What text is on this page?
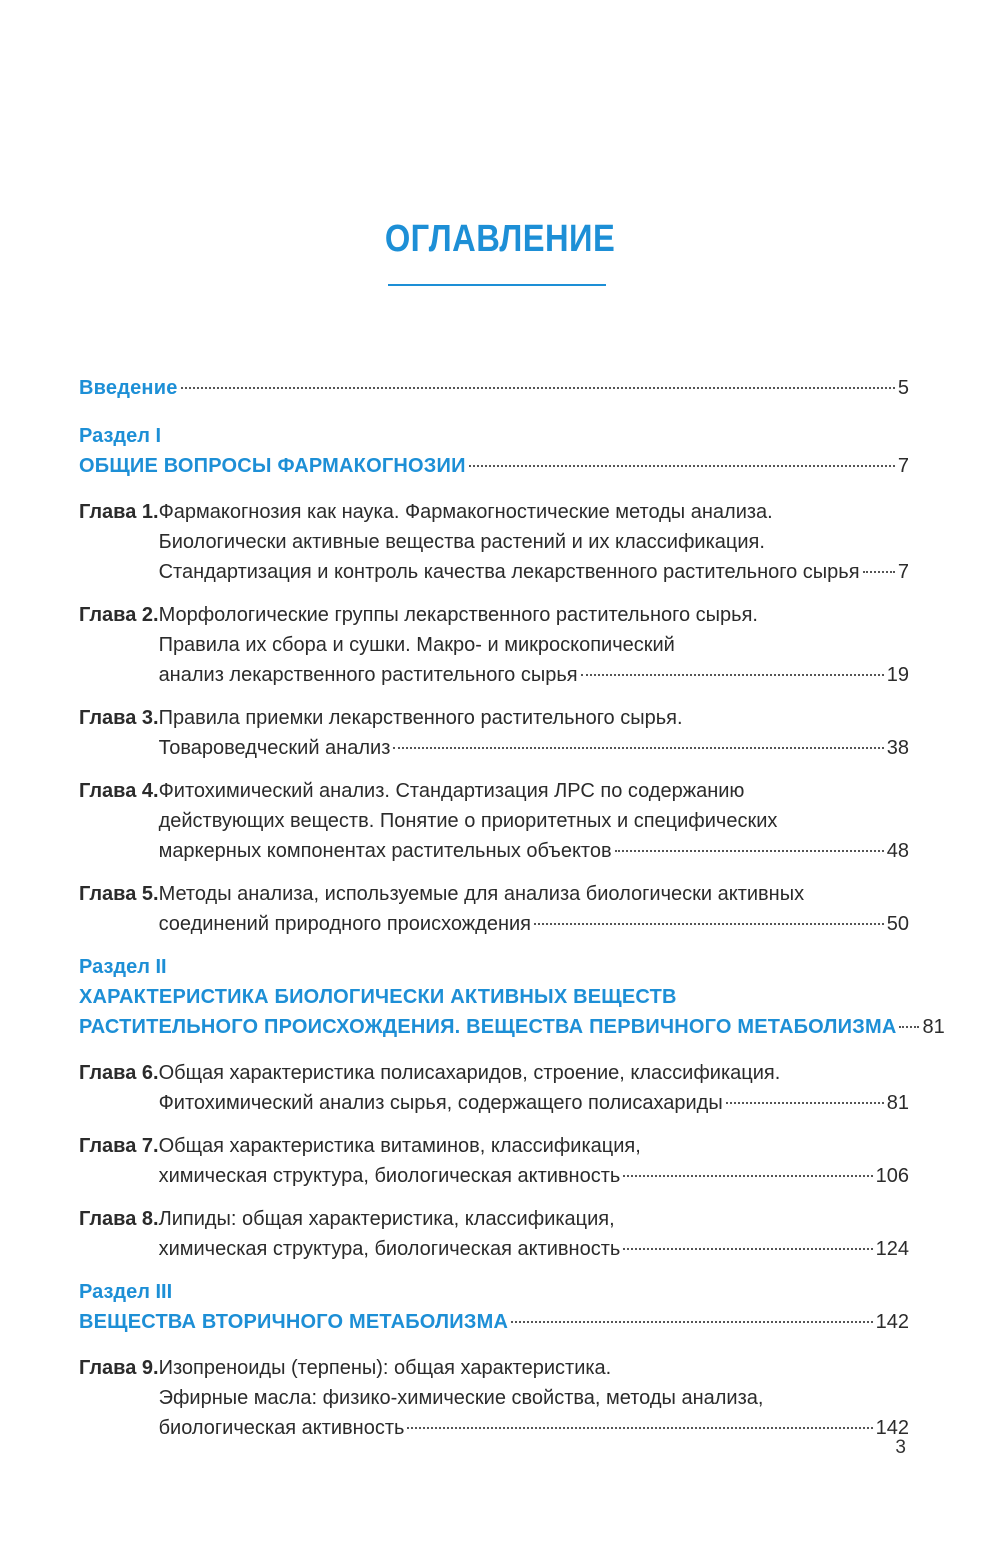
ОГЛАВЛЕНИЕ
Введение	5
Раздел I
ОБЩИЕ ВОПРОСЫ ФАРМАКОГНОЗИИ	7
Глава 1. Фармакогнозия как наука. Фармакогностические методы анализа.
Биологически активные вещества растений и их классификация.
Стандартизация и контроль качества лекарственного растительного сырья 7
Глава 2. Морфологические группы лекарственного растительного сырья.
Правила их сбора и сушки. Макро- и микроскопический
анализ лекарственного растительного сырья	19
Глава 3. Правила приемки лекарственного растительного сырья.
Товароведческий анализ	38
Глава 4. Фитохимический анализ. Стандартизация ЛРС по содержанию
действующих веществ. Понятие о приоритетных и специфических
маркерных компонентах растительных объектов	48
Глава 5. Методы анализа, используемые для анализа биологически активных
соединений природного происхождения	50
Раздел II
ХАРАКТЕРИСТИКА БИОЛОГИЧЕСКИ АКТИВНЫХ ВЕЩЕСТВ
РАСТИТЕЛЬНОГО ПРОИСХОЖДЕНИЯ. ВЕЩЕСТВА ПЕРВИЧНОГО МЕТАБОЛИЗМА 81
Глава 6. Общая характеристика полисахаридов, строение, классификация.
Фитохимический анализ сырья, содержащего полисахариды	81
Глава 7. Общая характеристика витаминов, классификация,
химическая структура, биологическая активность	106
Глава 8. Липиды: общая характеристика, классификация,
химическая структура, биологическая активность	124
Раздел III
ВЕЩЕСТВА ВТОРИЧНОГО МЕТАБОЛИЗМА	142
Глава 9. Изопреноиды (терпены): общая характеристика.
Эфирные масла: физико-химические свойства, методы анализа,
биологическая активность	142
3
